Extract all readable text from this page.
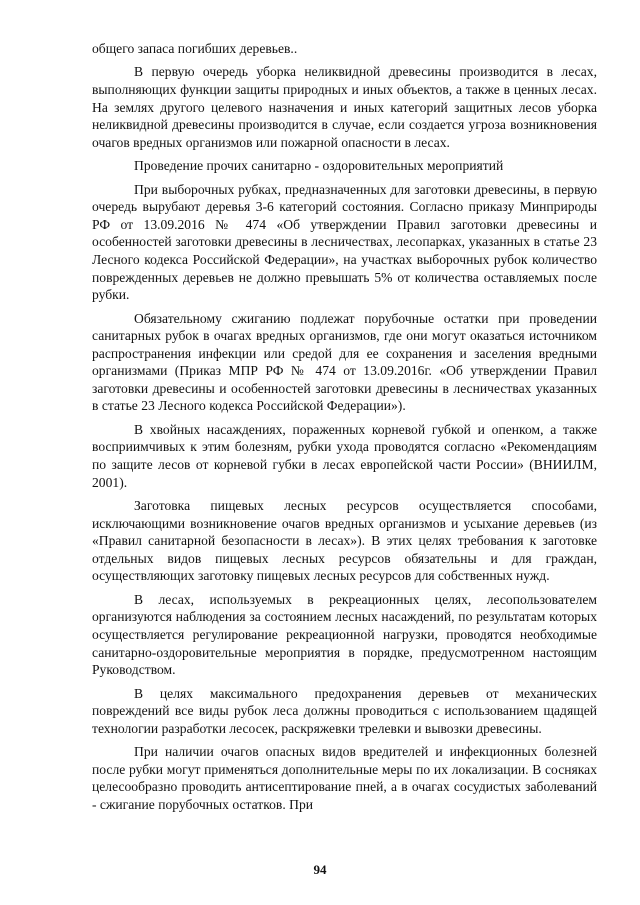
общего запаса погибших деревьев..

В первую очередь уборка неликвидной древесины производится в лесах, выполняющих функции защиты природных и иных объектов, а также в ценных лесах. На землях другого целевого назначения и иных категорий защитных лесов уборка неликвидной древесины производится в случае, если создается угроза возникновения очагов вредных организмов или пожарной опасности в лесах.

Проведение прочих санитарно - оздоровительных мероприятий

При выборочных рубках, предназначенных для заготовки древесины, в первую очередь вырубают деревья 3-6 категорий состояния. Согласно приказу Минприроды РФ от 13.09.2016 № 474 «Об утверждении Правил заготовки древесины и особенностей заготовки древесины в лесничествах, лесопарках, указанных в статье 23 Лесного кодекса Российской Федерации», на участках выборочных рубок количество поврежденных деревьев не должно превышать 5% от количества оставляемых после рубки.

Обязательному сжиганию подлежат порубочные остатки при проведении санитарных рубок в очагах вредных организмов, где они могут оказаться источником распространения инфекции или средой для ее сохранения и заселения вредными организмами (Приказ МПР РФ № 474 от 13.09.2016г. «Об утверждении Правил заготовки древесины и особенностей заготовки древесины в лесничествах указанных в статье 23 Лесного кодекса Российской Федерации»).

В хвойных насаждениях, пораженных корневой губкой и опенком, а также восприимчивых к этим болезням, рубки ухода проводятся согласно «Рекомендациям по защите лесов от корневой губки в лесах европейской части России» (ВНИИЛМ, 2001).

Заготовка пищевых лесных ресурсов осуществляется способами, исключающими возникновение очагов вредных организмов и усыхание деревьев (из «Правил санитарной безопасности в лесах»). В этих целях требования к заготовке отдельных видов пищевых лесных ресурсов обязательны и для граждан, осуществляющих заготовку пищевых лесных ресурсов для собственных нужд.

В лесах, используемых в рекреационных целях, лесопользователем организуются наблюдения за состоянием лесных насаждений, по результатам которых осуществляется регулирование рекреационной нагрузки, проводятся необходимые санитарно-оздоровительные мероприятия в порядке, предусмотренном настоящим Руководством.

В целях максимального предохранения деревьев от механических повреждений все виды рубок леса должны проводиться с использованием щадящей технологии разработки лесосек, раскряжевки трелевки и вывозки древесины.

При наличии очагов опасных видов вредителей и инфекционных болезней после рубки могут применяться дополнительные меры по их локализации. В сосняках целесообразно проводить антисептирование пней, а в очагах сосудистых заболеваний - сжигание порубочных остатков. При

94
